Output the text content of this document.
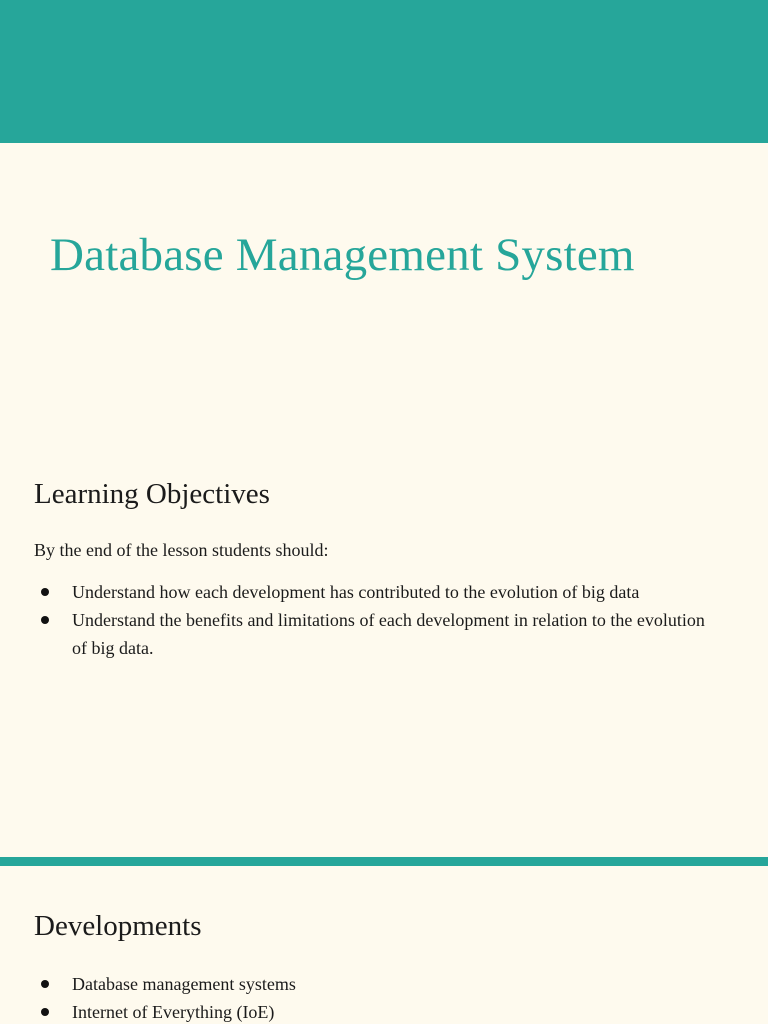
Database Management System
Learning Objectives

By the end of the lesson students should:

Understand how each development has contributed to the evolution of big data
Understand the benefits and limitations of each development in relation to the evolution of big data.
Developments
Database management systems
Internet of Everything (IoE)
